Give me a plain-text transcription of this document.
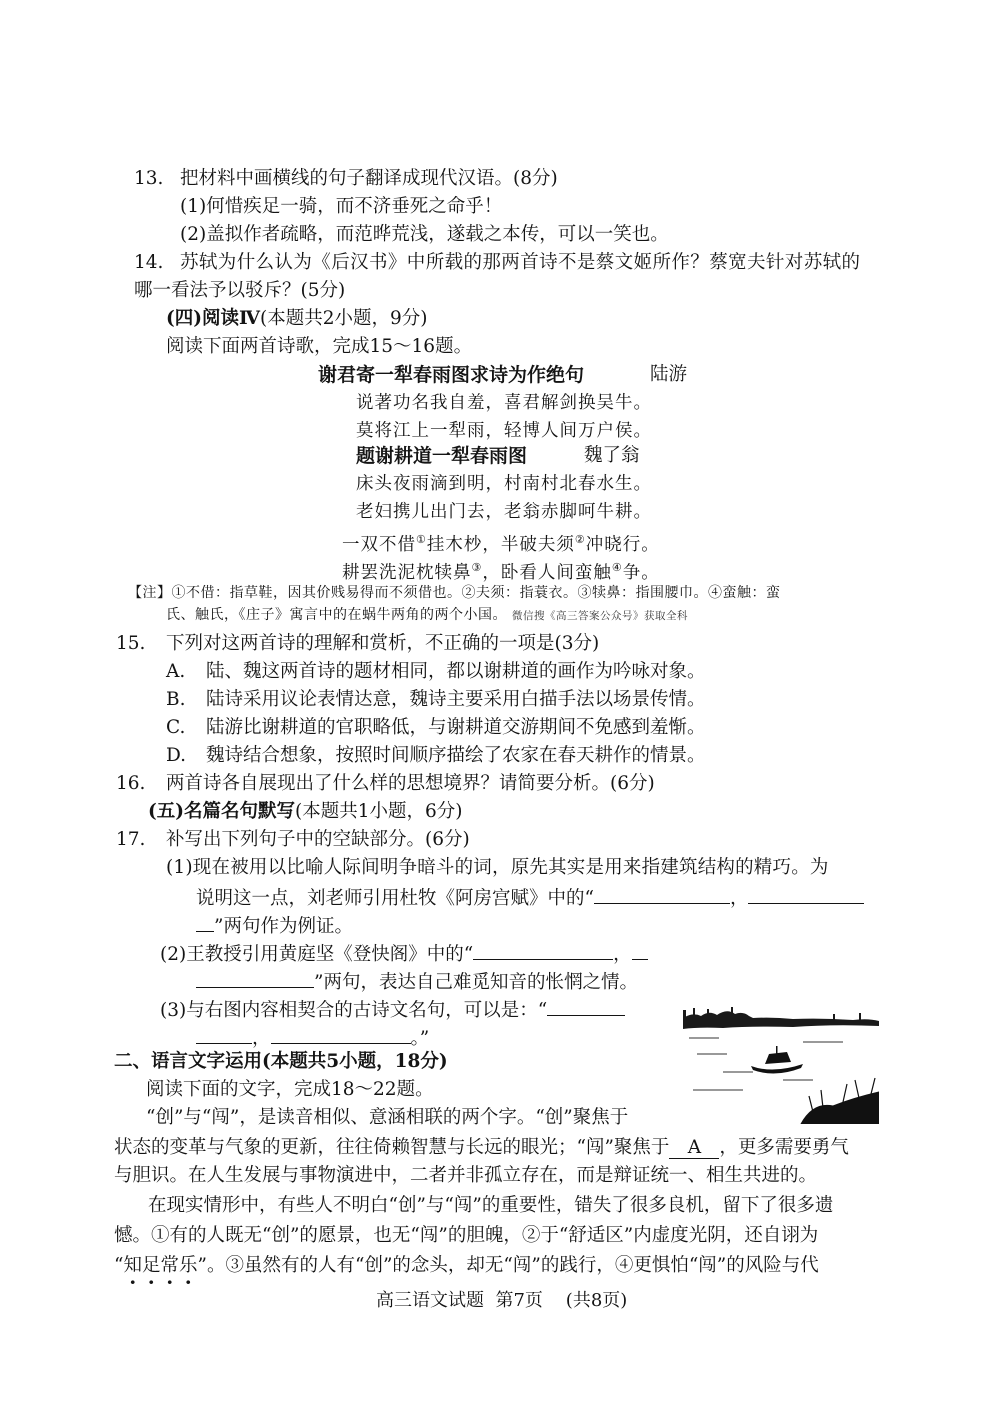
13. 把材料中画横线的句子翻译成现代汉语。(8分)
(1)何惜疾足一骑，而不济垂死之命乎！
(2)盖拟作者疏略，而范晔荒浅，遂载之本传，可以一笑也。
14. 苏轼为什么认为《后汉书》中所载的那两首诗不是蔡文姬所作？蔡宽夫针对苏轼的
哪一看法予以驳斥？(5分)
(四)阅读Ⅳ(本题共2小题，9分)
阅读下面两首诗歌，完成15～16题。
谢君寄一犁春雨图求诗为作绝句	陆游
说著功名我自羞，喜君解剑换吴牛。
莫将江上一犁雨，轻博人间万户侯。
题谢耕道一犁春雨图	魏了翁
床头夜雨滴到明，村南村北春水生。
老妇携儿出门去，老翁赤脚呵牛耕。
一双不借①挂木杪，半破夫须②冲晓行。
耕罢洗泥枕犊鼻③，卧看人间蛮触④争。
【注】①不借：指草鞋，因其价贱易得而不须借也。②夫须：指蓑衣。③犊鼻：指围腰巾。④蛮触：蛮
氏、触氏，《庄子》寓言中的在蜗牛两角的两个小国。 微信搜《高三答案公众号》获取全科
15. 下列对这两首诗的理解和赏析，不正确的一项是(3分)
A. 陆、魏这两首诗的题材相同，都以谢耕道的画作为吟咏对象。
B. 陆诗采用议论表情达意，魏诗主要采用白描手法以场景传情。
C. 陆游比谢耕道的官职略低，与谢耕道交游期间不免感到羞惭。
D. 魏诗结合想象，按照时间顺序描绘了农家在春天耕作的情景。
16. 两首诗各自展现出了什么样的思想境界？请简要分析。(6分)
(五)名篇名句默写(本题共1小题，6分)
17. 补写出下列句子中的空缺部分。(6分)
(1)现在被用以比喻人际间明争暗斗的词，原先其实是用来指建筑结构的精巧。为
说明这一点，刘老师引用杜牧《阿房宫赋》中的“	，
”两句作为例证。
(2)王教授引用黄庭坚《登快阁》中的“	，
”两句，表达自己难觅知音的怅惘之情。
(3)与右图内容相契合的古诗文名句，可以是：“
，	。”
二、语言文字运用(本题共5小题，18分)
阅读下面的文字，完成18～22题。
“创”与“闯”，是读音相似、意涵相联的两个字。“创”聚焦于
状态的变革与气象的更新，往往倚赖智慧与长远的眼光；“闯”聚焦于 A ，更多需要勇气
与胆识。在人生发展与事物演进中，二者并非孤立存在，而是辩证统一、相生共进的。
在现实情形中，有些人不明白“创”与“闯”的重要性，错失了很多良机，留下了很多遗
憾。①有的人既无“创”的愿景，也无“闯”的胆魄，②于“舒适区”内虚度光阴，还自诩为
“知足常乐”。③虽然有的人有“创”的念头，却无“闯”的践行，④更惧怕“闯”的风险与代
高三语文试题 第7页 (共8页)
